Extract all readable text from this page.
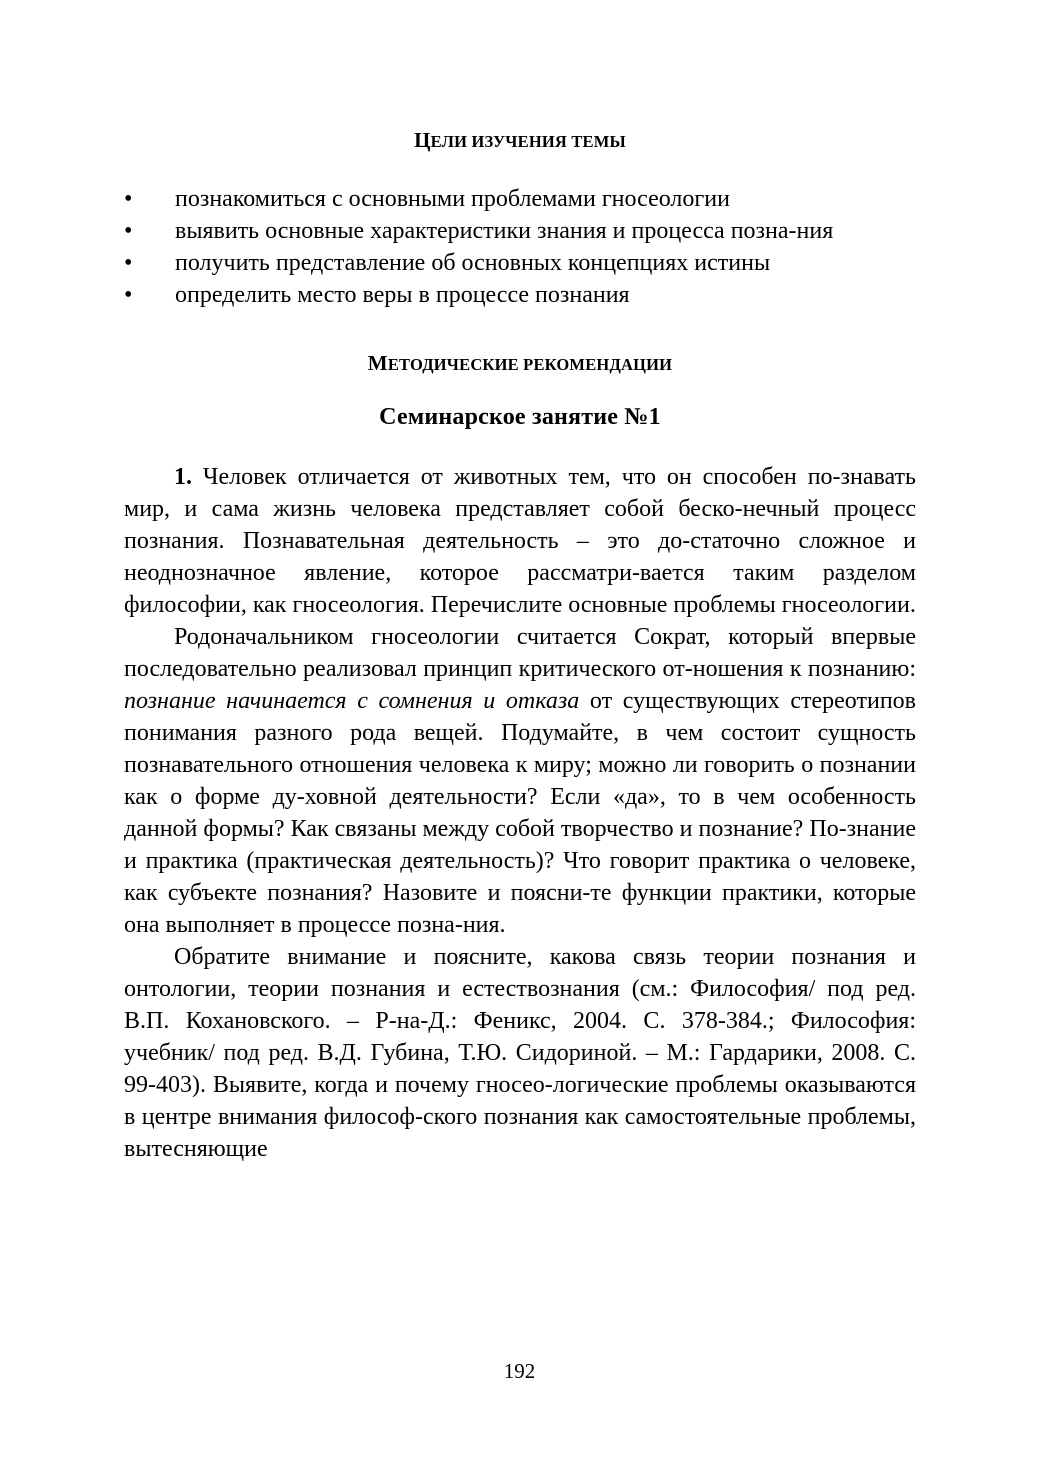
ЦЕЛИ ИЗУЧЕНИЯ ТЕМЫ
•	познакомиться с основными проблемами гносеологии
•	выявить основные характеристики знания и процесса позна-ния
•	получить представление об основных концепциях истины
•	определить место веры в процессе познания
МЕТОДИЧЕСКИЕ РЕКОМЕНДАЦИИ
Семинарское занятие №1

1. Человек отличается от животных тем, что он способен по-знавать мир, и сама жизнь человека представляет собой беско-нечный процесс познания. Познавательная деятельность – это до-статочно сложное и неоднозначное явление, которое рассматри-вается таким разделом философии, как гносеология. Перечислите основные проблемы гносеологии.

Родоначальником гносеологии считается Сократ, который впервые последовательно реализовал принцип критического от-ношения к познанию: познание начинается с сомнения и отказа от существующих стереотипов понимания разного рода вещей. Подумайте, в чем состоит сущность познавательного отношения человека к миру; можно ли говорить о познании как о форме ду-ховной деятельности? Если «да», то в чем особенность данной формы? Как связаны между собой творчество и познание? По-знание и практика (практическая деятельность)? Что говорит практика о человеке, как субъекте познания? Назовите и поясни-те функции практики, которые она выполняет в процессе позна-ния.

Обратите внимание и поясните, какова связь теории познания и онтологии, теории познания и естествознания (см.: Философия/ под ред. В.П. Кохановского. – Р-на-Д.: Феникс, 2004. С. 378-384.; Философия: учебник/ под ред. В.Д. Губина, Т.Ю. Сидориной. – М.: Гардарики, 2008. С. 99-403). Выявите, когда и почему гносео-логические проблемы оказываются в центре внимания философ-ского познания как самостоятельные проблемы, вытесняющие

192
